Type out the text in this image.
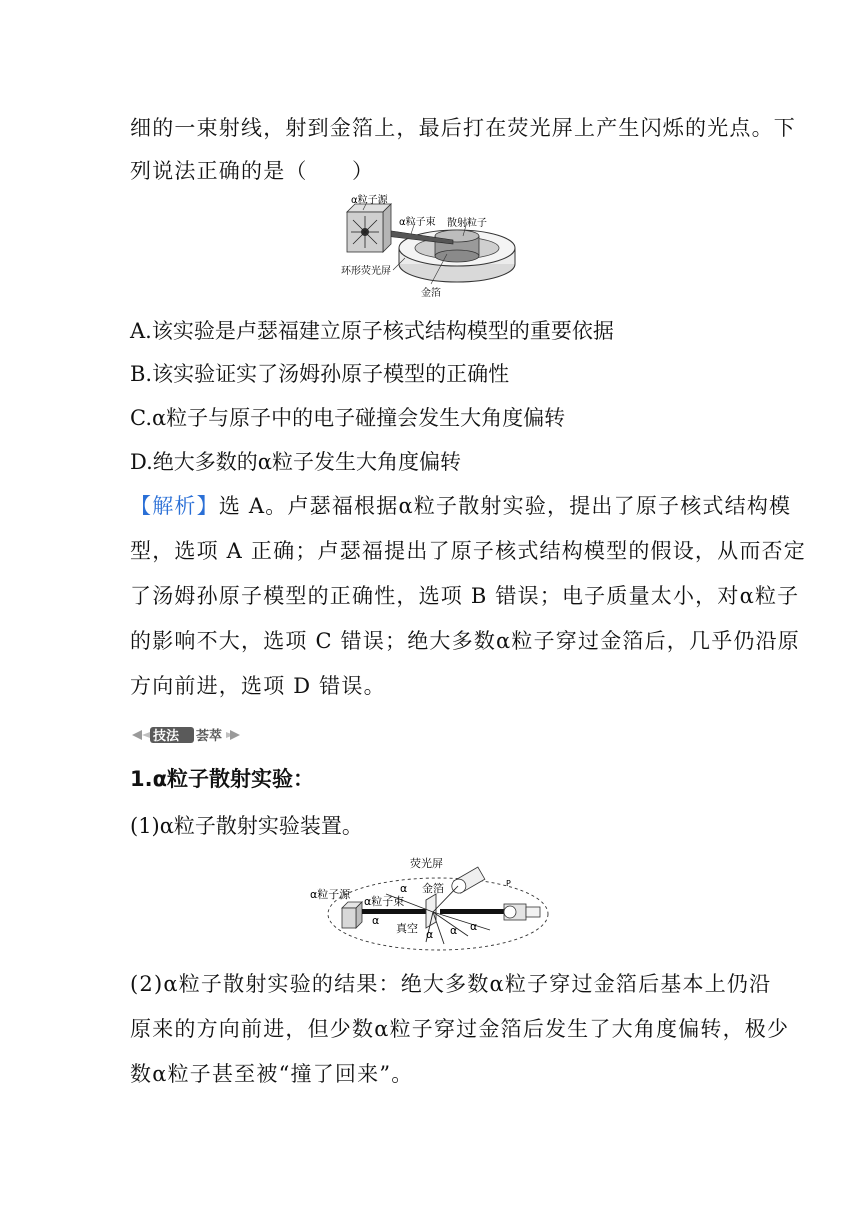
细的一束射线，射到金箔上，最后打在荧光屏上产生闪烁的光点。下
列说法正确的是（　　）
α粒子源
α粒子束 散射粒子
环形荧光屏
金箔
A.该实验是卢瑟福建立原子核式结构模型的重要依据
B.该实验证实了汤姆孙原子模型的正确性
C.α粒子与原子中的电子碰撞会发生大角度偏转
D.绝大多数的α粒子发生大角度偏转
【解析】选 A。卢瑟福根据α粒子散射实验，提出了原子核式结构模
型，选项 A 正确；卢瑟福提出了原子核式结构模型的假设，从而否定
了汤姆孙原子模型的正确性，选项 B 错误；电子质量太小，对α粒子
的影响不大，选项 C 错误；绝大多数α粒子穿过金箔后，几乎仍沿原
方向前进，选项 D 错误。
技法 荟萃
1.α粒子散射实验：
(1)α粒子散射实验装置。
α粒子源
α粒子束
金箔
荧光屏
真空
α
α
α α α
P
(2)α粒子散射实验的结果：绝大多数α粒子穿过金箔后基本上仍沿
原来的方向前进，但少数α粒子穿过金箔后发生了大角度偏转，极少
数α粒子甚至被“撞了回来”。
